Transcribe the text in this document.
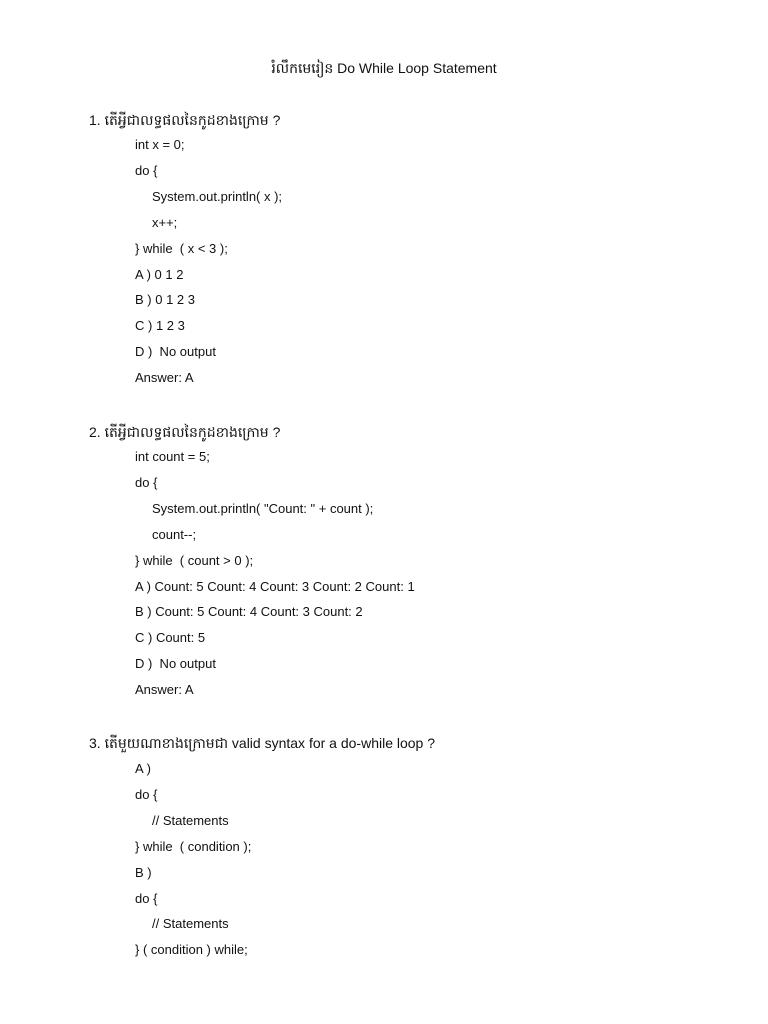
រំលឹកមេរៀន Do While Loop Statement
1. តើអ្វីជាលទ្ធផលនៃកូដខាងក្រោម ?
int x = 0;
do {
System.out.println( x );
x++;
} while  ( x < 3 );
A ) 0 1 2
B ) 0 1 2 3
C ) 1 2 3
D )  No output
Answer: A
2. តើអ្វីជាលទ្ធផលនៃកូដខាងក្រោម ?
int count = 5;
do {
System.out.println( "Count: " + count );
count--;
} while  ( count > 0 );
A ) Count: 5 Count: 4 Count: 3 Count: 2 Count: 1
B ) Count: 5 Count: 4 Count: 3 Count: 2
C ) Count: 5
D )  No output
Answer: A
3. តើមួយណាខាងក្រោមជា valid syntax for a do-while loop ?
A )
do {
// Statements
} while  ( condition );
B )
do {
// Statements
} ( condition ) while;
